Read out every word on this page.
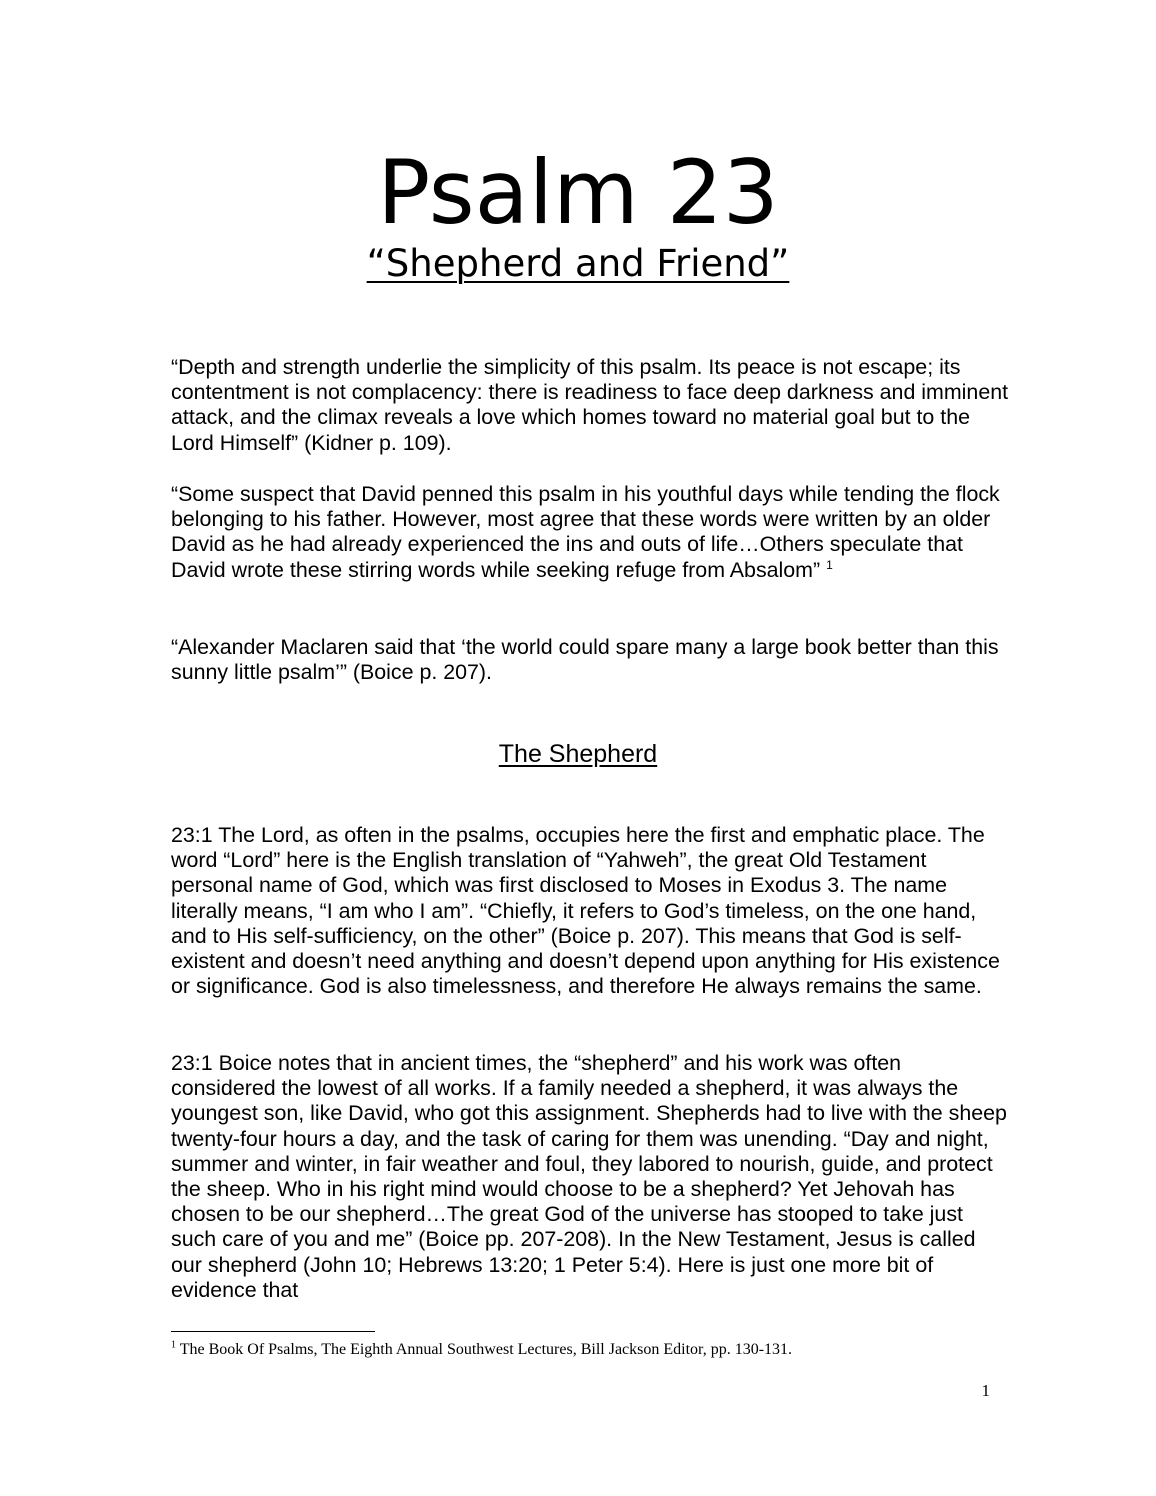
Psalm 23
“Shepherd and Friend”

“Depth and strength underlie the simplicity of this psalm. Its peace is not escape; its contentment is not complacency: there is readiness to face deep darkness and imminent attack, and the climax reveals a love which homes toward no material goal but to the Lord Himself” (Kidner p. 109).

“Some suspect that David penned this psalm in his youthful days while tending the flock belonging to his father. However, most agree that these words were written by an older David as he had already experienced the ins and outs of life…Others speculate that David wrote these stirring words while seeking refuge from Absalom” $^1$

“Alexander Maclaren said that ‘the world could spare many a large book better than this sunny little psalm’” (Boice p. 207).

The Shepherd

23:1 The Lord, as often in the psalms, occupies here the first and emphatic place. The word “Lord” here is the English translation of “Yahweh”, the great Old Testament personal name of God, which was first disclosed to Moses in Exodus 3. The name literally means, “I am who I am”. “Chiefly, it refers to God’s timeless, on the one hand, and to His self-sufficiency, on the other” (Boice p. 207). This means that God is self-existent and doesn’t need anything and doesn’t depend upon anything for His existence or significance. God is also timelessness, and therefore He always remains the same.

23:1 Boice notes that in ancient times, the “shepherd” and his work was often considered the lowest of all works. If a family needed a shepherd, it was always the youngest son, like David, who got this assignment. Shepherds had to live with the sheep twenty-four hours a day, and the task of caring for them was unending. “Day and night, summer and winter, in fair weather and foul, they labored to nourish, guide, and protect the sheep. Who in his right mind would choose to be a shepherd? Yet Jehovah has chosen to be our shepherd…The great God of the universe has stooped to take just such care of you and me” (Boice pp. 207-208). In the New Testament, Jesus is called our shepherd (John 10; Hebrews 13:20; 1 Peter 5:4). Here is just one more bit of evidence that

$^1$ The Book Of Psalms, The Eighth Annual Southwest Lectures, Bill Jackson Editor, pp. 130-131.

1
